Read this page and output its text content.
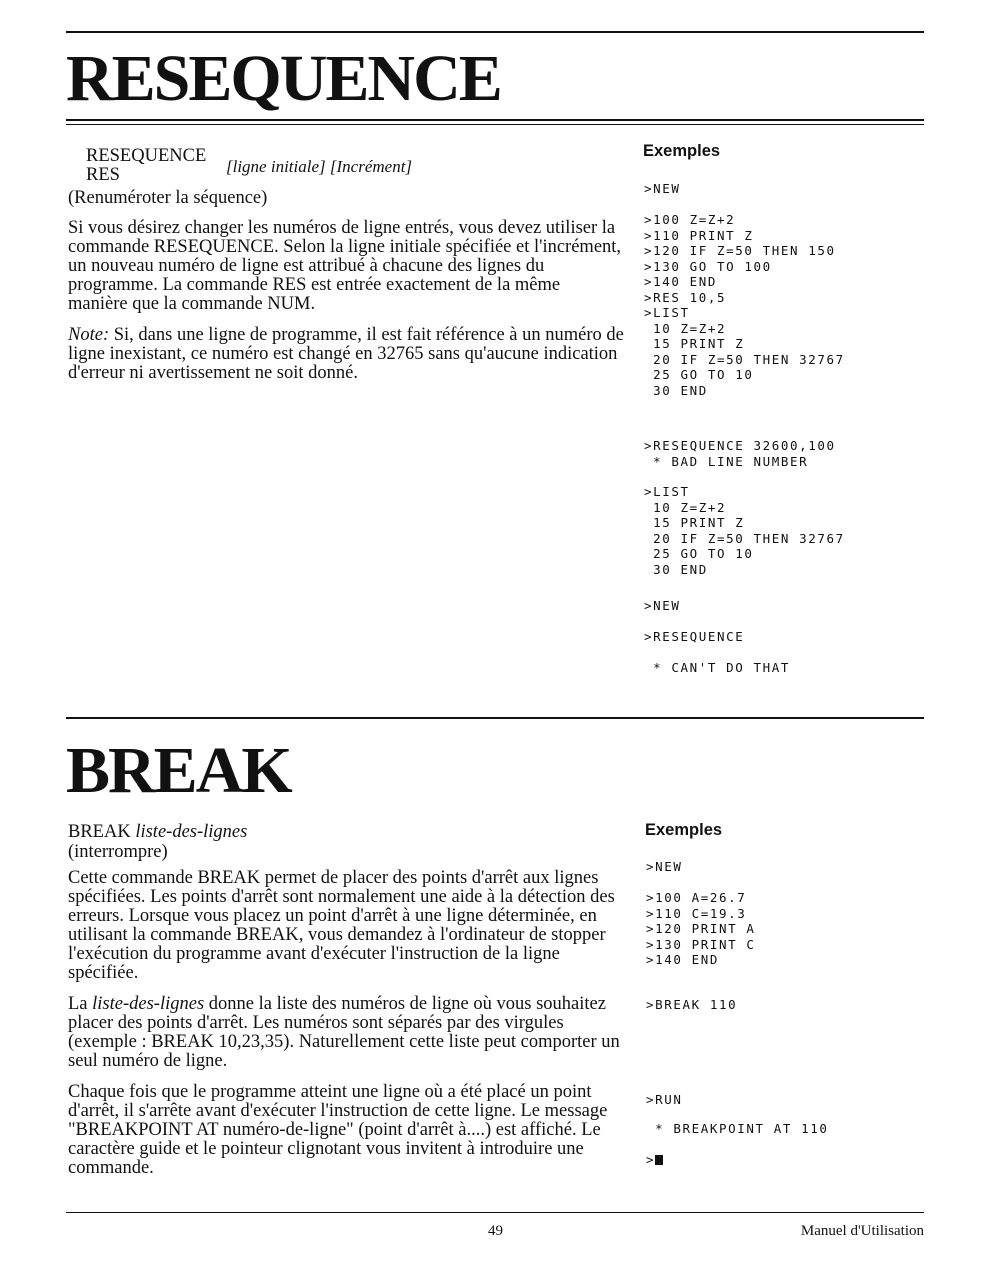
RESEQUENCE
RESEQUENCE
RES	[ligne initiale] [Incrément]

(Renuméroter la séquence)

Si vous désirez changer les numéros de ligne entrés, vous devez utiliser la commande RESEQUENCE. Selon la ligne initiale spécifiée et l'incrément, un nouveau numéro de ligne est attribué à chacune des lignes du programme. La commande RES est entrée exactement de la même manière que la commande NUM.

Note: Si, dans une ligne de programme, il est fait référence à un numéro de ligne inexistant, ce numéro est changé en 32765 sans qu'aucune indication d'erreur ni avertissement ne soit donné.

Exemples
>NEW
>100 Z=Z+2
>110 PRINT Z
>120 IF Z=50 THEN 150
>130 GO TO 100
>140 END
>RES 10,5
>LIST
10 Z=Z+2
15 PRINT Z
20 IF Z=50 THEN 32767
25 GO TO 10
30 END
>RESEQUENCE 32600,100
* BAD LINE NUMBER
>LIST
10 Z=Z+2
15 PRINT Z
20 IF Z=50 THEN 32767
25 GO TO 10
30 END
>NEW
>RESEQUENCE
* CAN'T DO THAT
BREAK
BREAK liste-des-lignes

(interrompre)

Cette commande BREAK permet de placer des points d'arrêt aux lignes spécifiées. Les points d'arrêt sont normalement une aide à la détection des erreurs. Lorsque vous placez un point d'arrêt à une ligne déterminée, en utilisant la commande BREAK, vous demandez à l'ordinateur de stopper l'exécution du programme avant d'exécuter l'instruction de la ligne spécifiée.

La liste-des-lignes donne la liste des numéros de ligne où vous souhaitez placer des points d'arrêt. Les numéros sont séparés par des virgules (exemple : BREAK 10,23,35). Naturellement cette liste peut comporter un seul numéro de ligne.

Chaque fois que le programme atteint une ligne où a été placé un point d'arrêt, il s'arrête avant d'exécuter l'instruction de cette ligne. Le message "BREAKPOINT AT numéro-de-ligne" (point d'arrêt à....) est affiché. Le caractère guide et le pointeur clignotant vous invitent à introduire une commande.

Exemples
>NEW
>100 A=26.7
>110 C=19.3
>120 PRINT A
>130 PRINT C
>140 END
>BREAK 110
>RUN
* BREAKPOINT AT 110
>
49	Manuel d'Utilisation
